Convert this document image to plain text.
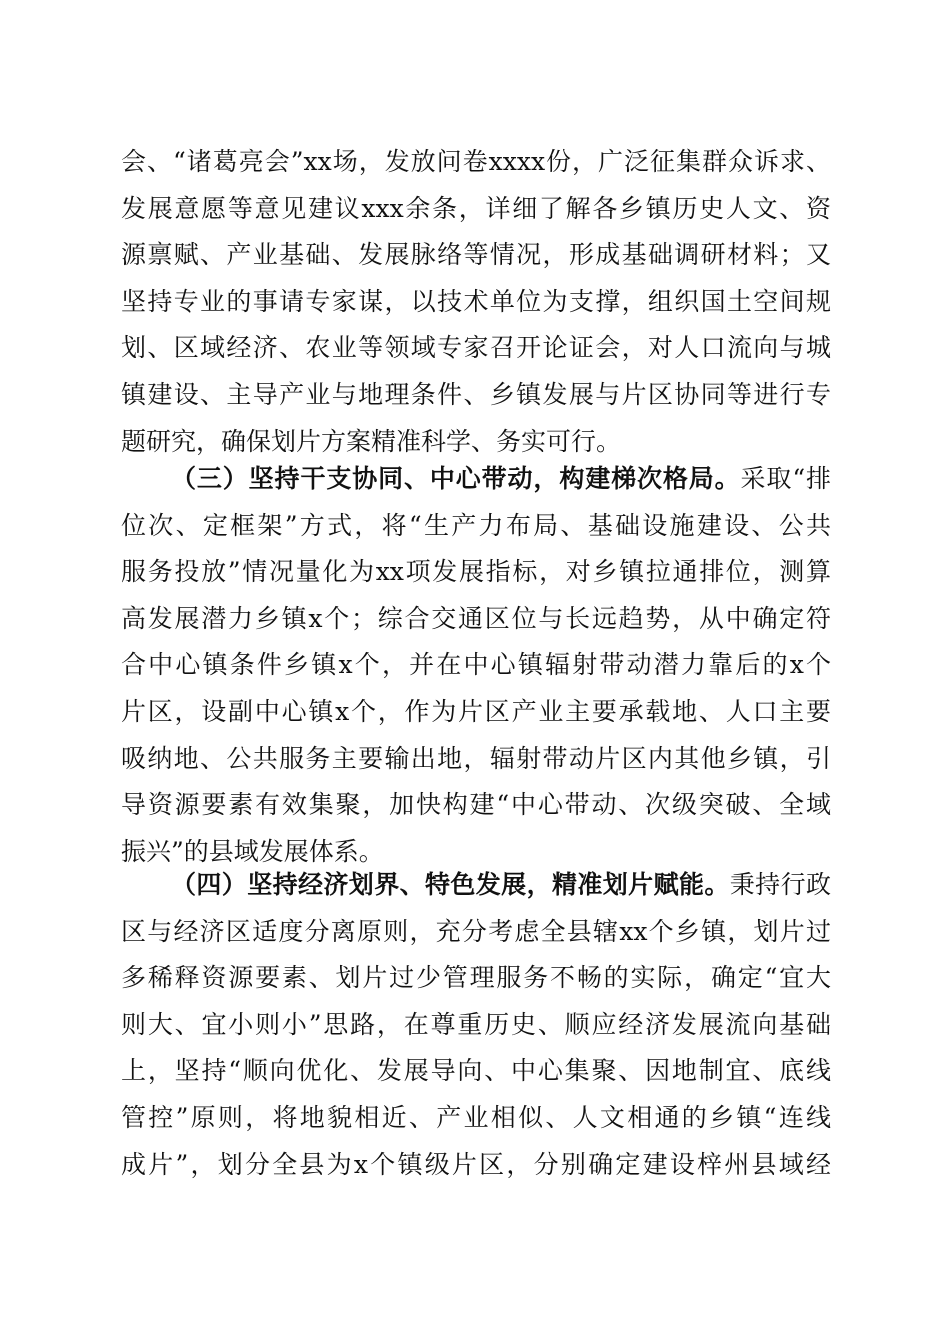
会、“诸葛亮会”xx场，发放问卷xxxx份，广泛征集群众诉求、
发展意愿等意见建议xxx余条，详细了解各乡镇历史人文、资
源禀赋、产业基础、发展脉络等情况，形成基础调研材料；又
坚持专业的事请专家谋，以技术单位为支撑，组织国土空间规
划、区域经济、农业等领域专家召开论证会，对人口流向与城
镇建设、主导产业与地理条件、乡镇发展与片区协同等进行专
题研究，确保划片方案精准科学、务实可行。
（三）坚持干支协同、中心带动，构建梯次格局。采取“排
位次、定框架”方式，将“生产力布局、基础设施建设、公共
服务投放”情况量化为xx项发展指标，对乡镇拉通排位，测算
高发展潜力乡镇x个；综合交通区位与长远趋势，从中确定符
合中心镇条件乡镇x个，并在中心镇辐射带动潜力靠后的x个
片区，设副中心镇x个，作为片区产业主要承载地、人口主要
吸纳地、公共服务主要输出地，辐射带动片区内其他乡镇，引
导资源要素有效集聚，加快构建“中心带动、次级突破、全域
振兴”的县域发展体系。
（四）坚持经济划界、特色发展，精准划片赋能。秉持行政
区与经济区适度分离原则，充分考虑全县辖xx个乡镇，划片过
多稀释资源要素、划片过少管理服务不畅的实际，确定“宜大
则大、宜小则小”思路，在尊重历史、顺应经济发展流向基础
上，坚持“顺向优化、发展导向、中心集聚、因地制宜、底线
管控”原则，将地貌相近、产业相似、人文相通的乡镇“连线
成片”，划分全县为x个镇级片区，分别确定建设梓州县域经
